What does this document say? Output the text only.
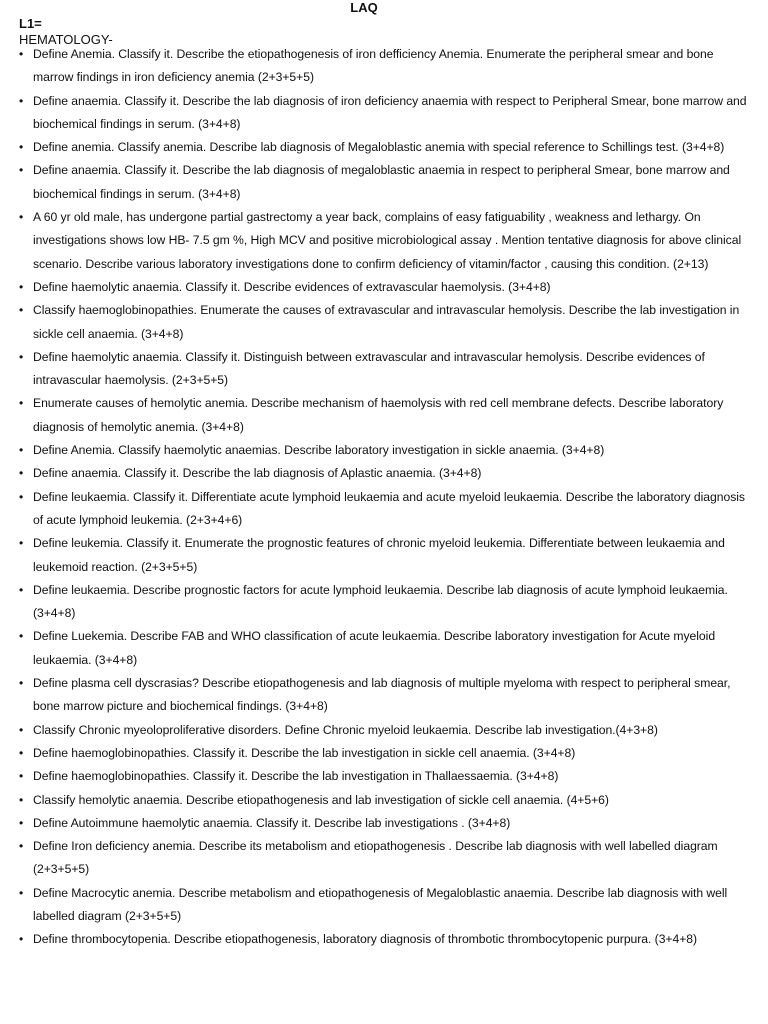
LAQ
L1=
HEMATOLOGY-
• Define Anemia. Classify it. Describe the etiopathogenesis of iron defficiency Anemia. Enumerate the peripheral smear and bone marrow findings in iron deficiency anemia (2+3+5+5)
• Define anaemia. Classify it. Describe the lab diagnosis of iron deficiency anaemia with respect to Peripheral Smear, bone marrow and biochemical findings in serum. (3+4+8)
• Define anemia. Classify anemia. Describe lab diagnosis of Megaloblastic anemia with special reference to Schillings test. (3+4+8)
• Define anaemia. Classify it. Describe the lab diagnosis of megaloblastic anaemia in respect to peripheral Smear, bone marrow and biochemical findings in serum. (3+4+8)
• A 60 yr old male, has undergone partial gastrectomy a year back, complains of easy fatiguability , weakness and lethargy. On investigations shows low HB- 7.5 gm %, High MCV and positive microbiological assay . Mention tentative diagnosis for above clinical scenario. Describe various laboratory investigations done to confirm deficiency of vitamin/factor , causing this condition. (2+13)
• Define haemolytic anaemia. Classify it. Describe evidences of extravascular haemolysis. (3+4+8)
• Classify haemoglobinopathies. Enumerate the causes of extravascular and intravascular hemolysis. Describe the lab investigation in sickle cell anaemia. (3+4+8)
• Define haemolytic anaemia. Classify it. Distinguish between extravascular and intravascular hemolysis. Describe evidences of intravascular haemolysis. (2+3+5+5)
• Enumerate causes of hemolytic anemia. Describe mechanism of haemolysis with red cell membrane defects. Describe laboratory diagnosis of hemolytic anemia. (3+4+8)
• Define Anemia. Classify haemolytic anaemias. Describe laboratory investigation in sickle anaemia. (3+4+8)
• Define anaemia. Classify it. Describe the lab diagnosis of Aplastic anaemia. (3+4+8)
• Define leukaemia. Classify it. Differentiate acute lymphoid leukaemia and acute myeloid leukaemia. Describe the laboratory diagnosis of acute lymphoid leukemia. (2+3+4+6)
• Define leukemia. Classify it. Enumerate the prognostic features of chronic myeloid leukemia. Differentiate between leukaemia and leukemoid reaction. (2+3+5+5)
• Define leukaemia. Describe prognostic factors for acute lymphoid leukaemia. Describe lab diagnosis of acute lymphoid leukaemia. (3+4+8)
• Define Luekemia. Describe FAB and WHO classification of acute leukaemia. Describe laboratory investigation for Acute myeloid leukaemia. (3+4+8)
• Define plasma cell dyscrasias? Describe etiopathogenesis and lab diagnosis of multiple myeloma with respect to peripheral smear, bone marrow picture and biochemical findings. (3+4+8)
• Classify Chronic myeoloproliferative disorders. Define Chronic myeloid leukaemia. Describe lab investigation.(4+3+8)
• Define haemoglobinopathies. Classify it. Describe the lab investigation in sickle cell anaemia. (3+4+8)
• Define haemoglobinopathies. Classify it. Describe the lab investigation in Thallaessaemia. (3+4+8)
• Classify hemolytic anaemia. Describe etiopathogenesis and lab investigation of sickle cell anaemia. (4+5+6)
• Define Autoimmune haemolytic anaemia. Classify it. Describe lab investigations . (3+4+8)
• Define Iron deficiency anemia. Describe its metabolism and etiopathogenesis . Describe lab diagnosis with well labelled diagram (2+3+5+5)
• Define Macrocytic anemia. Describe metabolism and etiopathogenesis of Megaloblastic anaemia. Describe lab diagnosis with well labelled diagram (2+3+5+5)
• Define thrombocytopenia. Describe etiopathogenesis, laboratory diagnosis of thrombotic thrombocytopenic purpura. (3+4+8)
